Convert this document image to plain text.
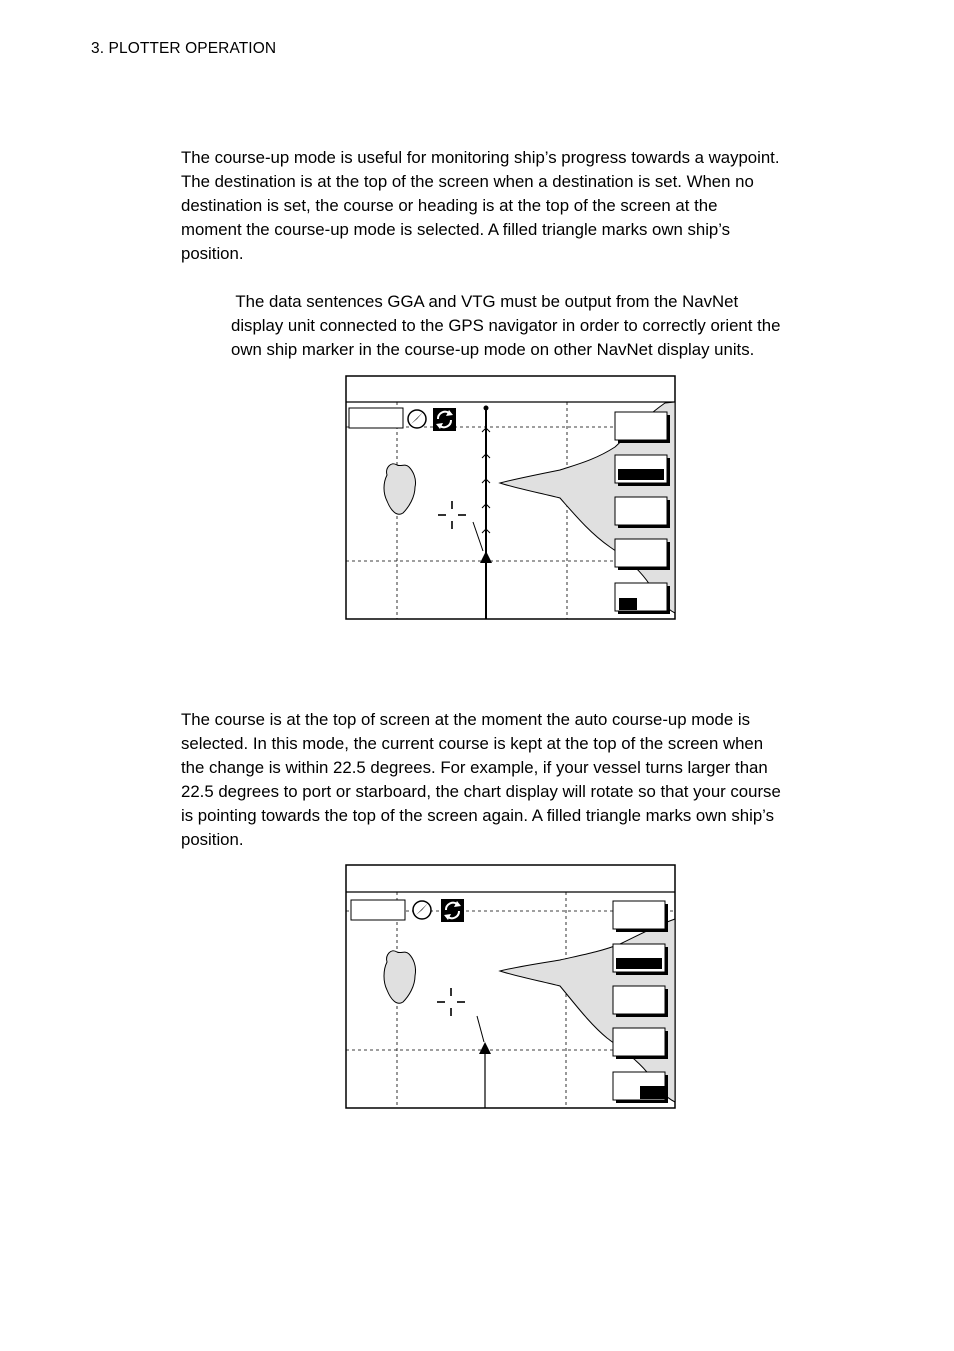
3. PLOTTER OPERATION

The course-up mode is useful for monitoring ship’s progress towards a waypoint.
The destination is at the top of the screen when a destination is set. When no
destination is set, the course or heading is at the top of the screen at the
moment the course-up mode is selected. A filled triangle marks own ship’s
position.

The data sentences GGA and VTG must be output from the NavNet
display unit connected to the GPS navigator in order to correctly orient the
own ship marker in the course-up mode on other NavNet display units.

The course is at the top of screen at the moment the auto course-up mode is
selected. In this mode, the current course is kept at the top of the screen when
the change is within 22.5 degrees. For example, if your vessel turns larger than
22.5 degrees to port or starboard, the chart display will rotate so that your course
is pointing towards the top of the screen again. A filled triangle marks own ship’s
position.
